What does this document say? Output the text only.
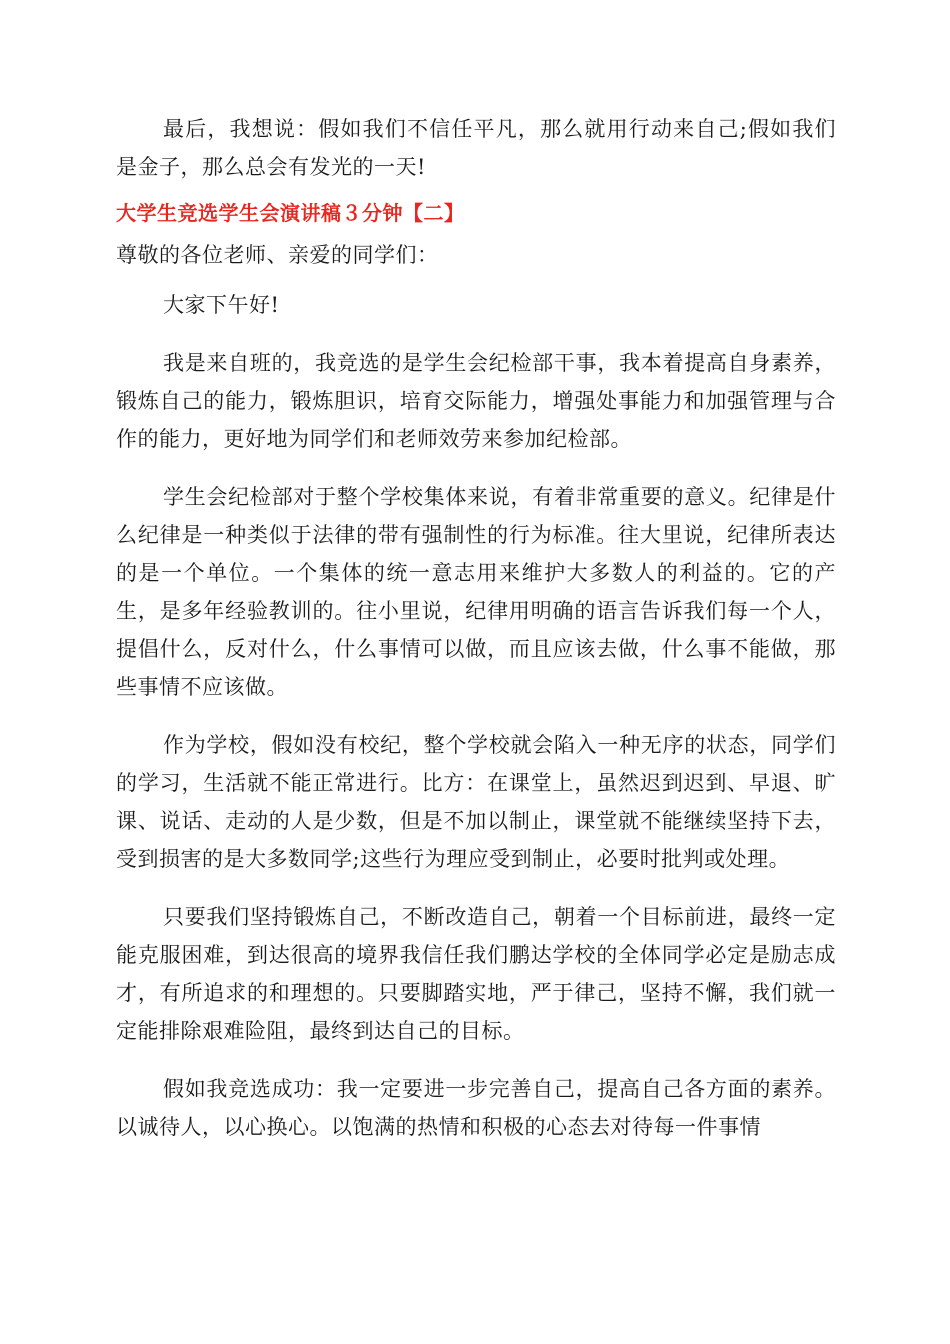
最后，我想说：假如我们不信任平凡，那么就用行动来自己;假如我们是金子，那么总会有发光的一天!

大学生竞选学生会演讲稿３分钟【二】

尊敬的各位老师、亲爱的同学们：

大家下午好!

我是来自班的，我竞选的是学生会纪检部干事，我本着提高自身素养，锻炼自己的能力，锻炼胆识，培育交际能力，增强处事能力和加强管理与合作的能力，更好地为同学们和老师效劳来参加纪检部。

学生会纪检部对于整个学校集体来说，有着非常重要的意义。纪律是什么纪律是一种类似于法律的带有强制性的行为标准。往大里说，纪律所表达的是一个单位。一个集体的统一意志用来维护大多数人的利益的。它的产生，是多年经验教训的。往小里说，纪律用明确的语言告诉我们每一个人，提倡什么，反对什么，什么事情可以做，而且应该去做，什么事不能做，那些事情不应该做。

作为学校，假如没有校纪，整个学校就会陷入一种无序的状态，同学们的学习，生活就不能正常进行。比方：在课堂上，虽然迟到迟到、早退、旷课、说话、走动的人是少数，但是不加以制止，课堂就不能继续坚持下去，受到损害的是大多数同学;这些行为理应受到制止，必要时批判或处理。

只要我们坚持锻炼自己，不断改造自己，朝着一个目标前进，最终一定能克服困难，到达很高的境界我信任我们鹏达学校的全体同学必定是励志成才，有所追求的和理想的。只要脚踏实地，严于律己，坚持不懈，我们就一定能排除艰难险阻，最终到达自己的目标。

假如我竞选成功：我一定要进一步完善自己，提高自己各方面的素养。以诚待人，以心换心。以饱满的热情和积极的心态去对待每一件事情
